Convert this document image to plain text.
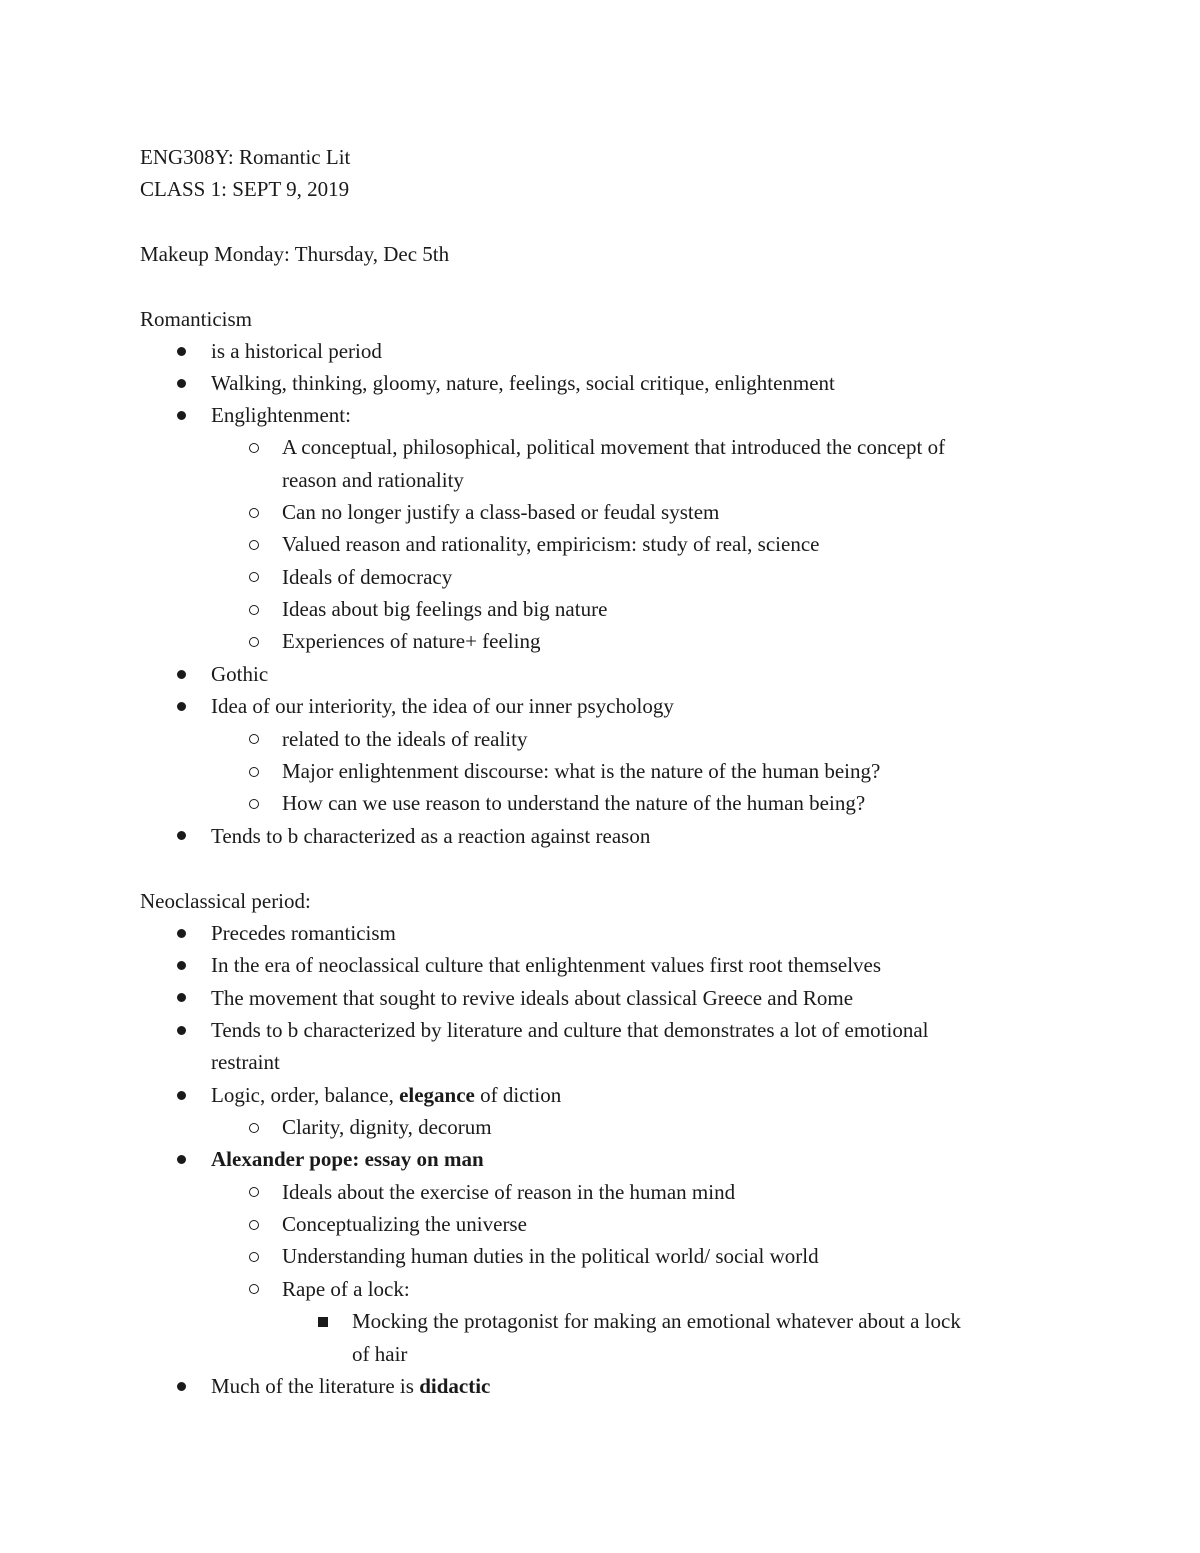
ENG308Y: Romantic Lit
CLASS 1: SEPT 9, 2019
Makeup Monday: Thursday, Dec 5th
Romanticism
is a historical period
Walking, thinking, gloomy, nature, feelings, social critique, enlightenment
Englightenment:
A conceptual, philosophical, political movement that introduced the concept of
reason and rationality
Can no longer justify a class-based or feudal system
Valued reason and rationality, empiricism: study of real, science
Ideals of democracy
Ideas about big feelings and big nature
Experiences of nature+ feeling
Gothic
Idea of our interiority, the idea of our inner psychology
related to the ideals of reality
Major enlightenment discourse: what is the nature of the human being?
How can we use reason to understand the nature of the human being?
Tends to b characterized as a reaction against reason
Neoclassical period:
Precedes romanticism
In the era of neoclassical culture that enlightenment values first root themselves
The movement that sought to revive ideals about classical Greece and Rome
Tends to b characterized by literature and culture that demonstrates a lot of emotional
restraint
Logic, order, balance, elegance of diction
Clarity, dignity, decorum
Alexander pope: essay on man
Ideals about the exercise of reason in the human mind
Conceptualizing the universe
Understanding human duties in the political world/ social world
Rape of a lock:
Mocking the protagonist for making an emotional whatever about a lock
of hair
Much of the literature is didactic
